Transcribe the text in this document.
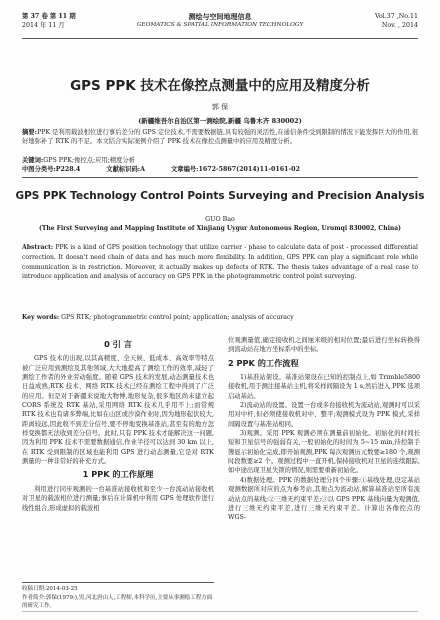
第 37 卷 第 11 期
2014 年 11 月
测绘与空间地理信息
GEOMATICS & SPATIAL INFORMATION TECHNOLOGY
Vol.37 ,No.11
Nov. , 2014
GPS PPK 技术在像控点测量中的应用及精度分析
郭 保
(新疆维吾尔自治区第一测绘院,新疆 乌鲁木齐 830002)
摘要:PPK 是利用载波相位进行事后差分的 GPS 定位技术,不需要数据链,具有较强的灵活性,在通信条件受到限制的情况下能发挥巨大的作用,很好地弥补了 RTK 的不足。本文结合实际案例介绍了 PPK 技术在像控点测量中的应用及精度分析。
关键词:GPS PPK;像控点;应用;精度分析
中图分类号:P228.4	文献标识码:A	文章编号:1672-5867(2014)11-0161-02
GPS PPK Technology Control Points Surveying and Precision Analysis
GUO Bao
(The First Surveying and Mapping Institute of Xinjiang Uygur Autonomous Region, Urumqi 830002, China)
Abstract: PPK is a kind of GPS position technology that utilize carrier - phase to calculate data of post - processed differential correction. It doesn't need chain of data and has much more flexibility. In addition, GPS PPK can play a significant role while communication is in restriction. Moreover, it actually makes up defects of RTK. The thesis takes advantage of a real case to introduce application and analysis of accuracy on GPS PPK in the photogrammetric control point surveying.
Key words: GPS RTK; photogrammetric control point; application; analysis of accuracy
0 引 言

GPS 技术的出现,以其高精度、全天候、低成本、高效率等特点被广泛应用到测绘及其他领域,大大地提高了测绘工作的效率,减轻了测绘工作者的外业劳动强度。随着 GPS 技术的发展,动态测量技术也日益成熟,RTK 技术、网络 RTK 技术已经在测绘工程中得到了广泛的应用。但是对于新疆来说地大物博,地形复杂,很多地区尚未建立起 CORS 系统及 RTK 基站,采用网络 RTK 技术几乎用不上;而常规 RTK 技术也有诸多弊端,比如在山区或沙漠作业时,因为地形起伏较大,距离较远,因此收不到差分信号,要不停地变换基准站,甚至有的地方怎样变换都无法收到差分信号。此时,只有 PPK 技术才能解决这一问题,因为利用 PPK 技术不需要数据通信,作业半径可以达到 30 km 以上,在 RTK 受到限制的区域也能利用 GPS 进行动态测量,它是对 RTK 测量的一种非常好的补充方式。

1 PPK 的工作原理

利用进行同步观测的一台基准站接收机和至少一台流动站接收机对卫星的载波相位进行测量;事后在计算机中利用 GPS 处理软件进行线性组合,形成虚拟的载波相

位观测量值,确定接收机之间厘米级的相对位置;最后进行坐标转换得到流动站在地方坐标系中的坐标。

2 PPK 的工作流程

1)基准站架设。基准站架设在已知的控制点上,如 Trimble5800 接收机,用于测注接基站主机,将采样间隔设为 1 s,然后进入 PPK 选项启动基站。

2)流动站的设置。设置一台或多台接收机为流动站,观测时可以采用对中杆,但必须使接收机对中、整平;观测模式设为 PPK 模式,采样间隔设置与基准站相同。

3)观测。采用 PPK 观测必须在测量前初始化。初始化的时间长短和卫星信号的强弱有关,一般初始化的时间为 5~15 min,待控制手簿显示初始化完成,即开始观测,PPK 每次观测历元数要≥180 个,观测时段数要≥2 个。观测过程中一直开机,保持接收机对卫星的连续跟踪,如中途出现卫星失锁的情况,则需要重新初始化。

4)数据处理。PPK 的数据处理分四个步骤:①基线处理,设定基站观测数据所对应的点为参考站,其他点为流动站,解算基准站至所有流动站点的基线;②三维无约束平差;③以 GPS PPK 基线向量为观测值,进行三维无约束平差,进行三维无约束平差。计算出各像控点的 WGS-

收稿日期:2014-03-25
作者简介:郭保(1979-),男,河北唐山人,工程师,本科学历,主要从事测绘工程方面的研究工作。
